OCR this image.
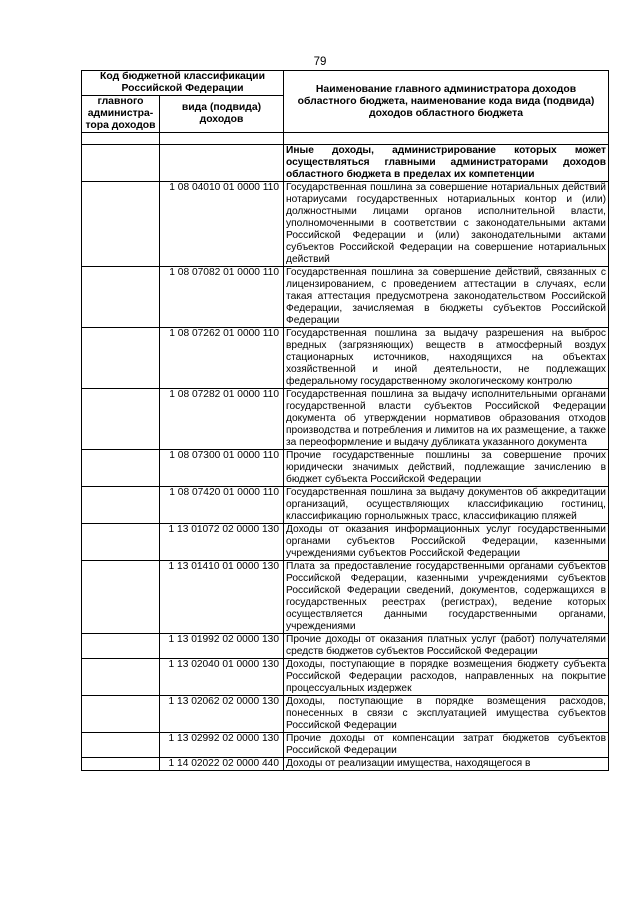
79
Код бюджетной классификации Российской Федерации		Наименование главного администратора доходов областного бюджета, наименование кода вида (подвида) доходов областного бюджета
главного администра-тора доходов	вида (подвида) доходов	

		Иные доходы, администрирование которых может осуществляться главными администраторами доходов областного бюджета в пределах их компетенции
	1 08 04010 01 0000 110	Государственная пошлина за совершение нотариальных действий нотариусами государственных нотариальных контор и (или) должностными лицами органов исполнительной власти, уполномоченными в соответствии с законодательными актами Российской Федерации и (или) законодательными актами субъектов Российской Федерации на совершение нотариальных действий
	1 08 07082 01 0000 110	Государственная пошлина за совершение действий, связанных с лицензированием, с проведением аттестации в случаях, если такая аттестация предусмотрена законодательством Российской Федерации, зачисляемая в бюджеты субъектов Российской Федерации
	1 08 07262 01 0000 110	Государственная пошлина за выдачу разрешения на выброс вредных (загрязняющих) веществ в атмосферный воздух стационарных источников, находящихся на объектах хозяйственной и иной деятельности, не подлежащих федеральному государственному экологическому контролю
	1 08 07282 01 0000 110	Государственная пошлина за выдачу исполнительными органами государственной власти субъектов Российской Федерации документа об утверждении нормативов образования отходов производства и потребления и лимитов на их размещение, а также за переоформление и выдачу дубликата указанного документа
	1 08 07300 01 0000 110	Прочие государственные пошлины за совершение прочих юридически значимых действий, подлежащие зачислению в бюджет субъекта Российской Федерации
	1 08 07420 01 0000 110	Государственная пошлина за выдачу документов об аккредитации организаций, осуществляющих классификацию гостиниц, классификацию горнолыжных трасс, классификацию пляжей
	1 13 01072 02 0000 130	Доходы от оказания информационных услуг государственными органами субъектов Российской Федерации, казенными учреждениями субъектов Российской Федерации
	1 13 01410 01 0000 130	Плата за предоставление государственными органами субъектов Российской Федерации, казенными учреждениями субъектов Российской Федерации сведений, документов, содержащихся в государственных реестрах (регистрах), ведение которых осуществляется данными государственными органами, учреждениями
	1 13 01992 02 0000 130	Прочие доходы от оказания платных услуг (работ) получателями средств бюджетов субъектов Российской Федерации
	1 13 02040 01 0000 130	Доходы, поступающие в порядке возмещения бюджету субъекта Российской Федерации расходов, направленных на покрытие процессуальных издержек
	1 13 02062 02 0000 130	Доходы, поступающие в порядке возмещения расходов, понесенных в связи с эксплуатацией имущества субъектов Российской Федерации
	1 13 02992 02 0000 130	Прочие доходы от компенсации затрат бюджетов субъектов Российской Федерации
	1 14 02022 02 0000 440	Доходы от реализации имущества, находящегося в
